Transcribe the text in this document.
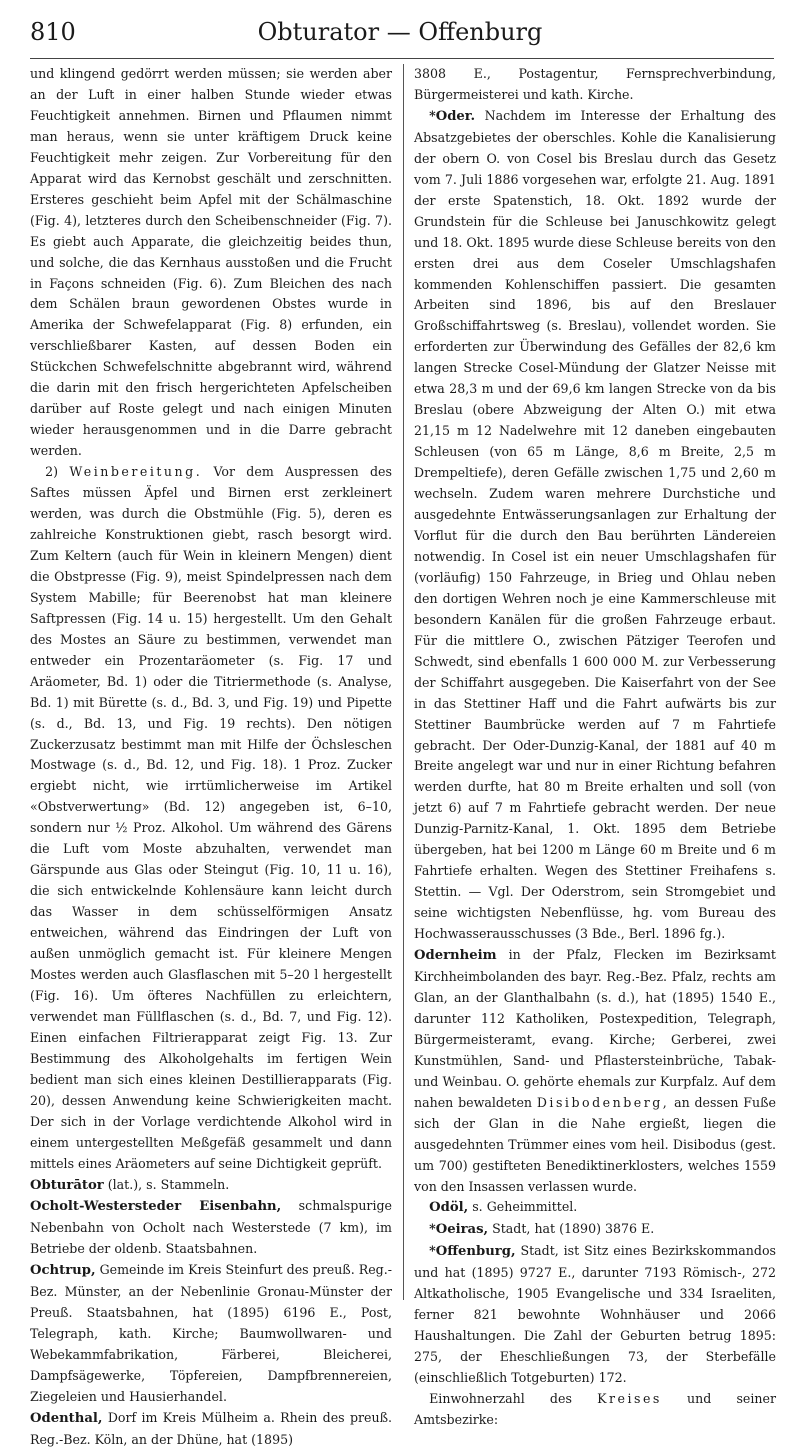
810	Obturator — Offenburg

und klingend gedörrt werden müssen; sie werden aber an der Luft in einer halben Stunde wieder etwas Feuchtigkeit annehmen. Birnen und Pflaumen nimmt man heraus, wenn sie unter kräftigem Druck keine Feuchtigkeit mehr zeigen. Zur Vorbereitung für den Apparat wird das Kernobst geschält und zerschnitten. Ersteres geschieht beim Apfel mit der Schälmaschine (Fig. 4), letzteres durch den Scheibenschneider (Fig. 7). Es giebt auch Apparate, die gleichzeitig beides thun, und solche, die das Kernhaus ausstoßen und die Frucht in Façons schneiden (Fig. 6). Zum Bleichen des nach dem Schälen braun gewordenen Obstes wurde in Amerika der Schwefelapparat (Fig. 8) erfunden, ein verschließbarer Kasten, auf dessen Boden ein Stückchen Schwefelschnitte abgebrannt wird, während die darin mit den frisch hergerichteten Apfelscheiben darüber auf Roste gelegt und nach einigen Minuten wieder herausgenommen und in die Darre gebracht werden.

2) Weinbereitung. Vor dem Auspressen des Saftes müssen Äpfel und Birnen erst zerkleinert werden, was durch die Obstmühle (Fig. 5), deren es zahlreiche Konstruktionen giebt, rasch besorgt wird. Zum Keltern (auch für Wein in kleinern Mengen) dient die Obstpresse (Fig. 9), meist Spindelpressen nach dem System Mabille; für Beerenobst hat man kleinere Saftpressen (Fig. 14 u. 15) hergestellt. Um den Gehalt des Mostes an Säure zu bestimmen, verwendet man entweder ein Prozentaräometer (s. Fig. 17 und Aräometer, Bd. 1) oder die Titriermethode (s. Analyse, Bd. 1) mit Bürette (s. d., Bd. 3, und Fig. 19) und Pipette (s. d., Bd. 13, und Fig. 19 rechts). Den nötigen Zuckerzusatz bestimmt man mit Hilfe der Öchsleschen Mostwage (s. d., Bd. 12, und Fig. 18). 1 Proz. Zucker ergiebt nicht, wie irrtümlicherweise im Artikel «Obstverwertung» (Bd. 12) angegeben ist, 6–10, sondern nur ½ Proz. Alkohol. Um während des Gärens die Luft vom Moste abzuhalten, verwendet man Gärspunde aus Glas oder Steingut (Fig. 10, 11 u. 16), die sich entwickelnde Kohlensäure kann leicht durch das Wasser in dem schüsselförmigen Ansatz entweichen, während das Eindringen der Luft von außen unmöglich gemacht ist. Für kleinere Mengen Mostes werden auch Glasflaschen mit 5–20 l hergestellt (Fig. 16). Um öfteres Nachfüllen zu erleichtern, verwendet man Füllflaschen (s. d., Bd. 7, und Fig. 12). Einen einfachen Filtrierapparat zeigt Fig. 13. Zur Bestimmung des Alkoholgehalts im fertigen Wein bedient man sich eines kleinen Destillierapparats (Fig. 20), dessen Anwendung keine Schwierigkeiten macht. Der sich in der Vorlage verdichtende Alkohol wird in einem untergestellten Meßgefäß gesammelt und dann mittels eines Aräometers auf seine Dichtigkeit geprüft.

Obturātor (lat.), s. Stammeln.

Ocholt-Westersteder Eisenbahn, schmalspurige Nebenbahn von Ocholt nach Westerstede (7 km), im Betriebe der oldenb. Staatsbahnen.

Ochtrup, Gemeinde im Kreis Steinfurt des preuß. Reg.-Bez. Münster, an der Nebenlinie Gronau-Münster der Preuß. Staatsbahnen, hat (1895) 6196 E., Post, Telegraph, kath. Kirche; Baumwollwaren- und Webekammfabrikation, Färberei, Bleicherei, Dampfsägewerke, Töpfereien, Dampfbrennereien, Ziegeleien und Hausierhandel.

Odenthal, Dorf im Kreis Mülheim a. Rhein des preuß. Reg.-Bez. Köln, an der Dhüne, hat (1895)

3808 E., Postagentur, Fernsprechverbindung, Bürgermeisterei und kath. Kirche.

*Oder. Nachdem im Interesse der Erhaltung des Absatzgebietes der oberschles. Kohle die Kanalisierung der obern O. von Cosel bis Breslau durch das Gesetz vom 7. Juli 1886 vorgesehen war, erfolgte 21. Aug. 1891 der erste Spatenstich, 18. Okt. 1892 wurde der Grundstein für die Schleuse bei Januschkowitz gelegt und 18. Okt. 1895 wurde diese Schleuse bereits von den ersten drei aus dem Coseler Umschlagshafen kommenden Kohlenschiffen passiert. Die gesamten Arbeiten sind 1896, bis auf den Breslauer Großschiffahrtsweg (s. Breslau), vollendet worden. Sie erforderten zur Überwindung des Gefälles der 82,6 km langen Strecke Cosel-Mündung der Glatzer Neisse mit etwa 28,3 m und der 69,6 km langen Strecke von da bis Breslau (obere Abzweigung der Alten O.) mit etwa 21,15 m 12 Nadelwehre mit 12 daneben eingebauten Schleusen (von 65 m Länge, 8,6 m Breite, 2,5 m Drempeltiefe), deren Gefälle zwischen 1,75 und 2,60 m wechseln. Zudem waren mehrere Durchstiche und ausgedehnte Entwässerungsanlagen zur Erhaltung der Vorflut für die durch den Bau berührten Ländereien notwendig. In Cosel ist ein neuer Umschlagshafen für (vorläufig) 150 Fahrzeuge, in Brieg und Ohlau neben den dortigen Wehren noch je eine Kammerschleuse mit besondern Kanälen für die großen Fahrzeuge erbaut. Für die mittlere O., zwischen Pätziger Teerofen und Schwedt, sind ebenfalls 1 600 000 M. zur Verbesserung der Schiffahrt ausgegeben. Die Kaiserfahrt von der See in das Stettiner Haff und die Fahrt aufwärts bis zur Stettiner Baumbrücke werden auf 7 m Fahrtiefe gebracht. Der Oder-Dunzig-Kanal, der 1881 auf 40 m Breite angelegt war und nur in einer Richtung befahren werden durfte, hat 80 m Breite erhalten und soll (von jetzt 6) auf 7 m Fahrtiefe gebracht werden. Der neue Dunzig-Parnitz-Kanal, 1. Okt. 1895 dem Betriebe übergeben, hat bei 1200 m Länge 60 m Breite und 6 m Fahrtiefe erhalten. Wegen des Stettiner Freihafens s. Stettin. — Vgl. Der Oderstrom, sein Stromgebiet und seine wichtigsten Nebenflüsse, hg. vom Bureau des Hochwasserausschusses (3 Bde., Berl. 1896 fg.).

Odernheim in der Pfalz, Flecken im Bezirksamt Kirchheimbolanden des bayr. Reg.-Bez. Pfalz, rechts am Glan, an der Glanthalbahn (s. d.), hat (1895) 1540 E., darunter 112 Katholiken, Postexpedition, Telegraph, Bürgermeisteramt, evang. Kirche; Gerberei, zwei Kunstmühlen, Sand- und Pflastersteinbrüche, Tabak- und Weinbau. O. gehörte ehemals zur Kurpfalz. Auf dem nahen bewaldeten Disibodenberg, an dessen Fuße sich der Glan in die Nahe ergießt, liegen die ausgedehnten Trümmer eines vom heil. Disibodus (gest. um 700) gestifteten Benediktinerklosters, welches 1559 von den Insassen verlassen wurde.

Odöl, s. Geheimmittel.

*Oeiras, Stadt, hat (1890) 3876 E.

*Offenburg, Stadt, ist Sitz eines Bezirkskommandos und hat (1895) 9727 E., darunter 7193 Römisch-, 272 Altkatholische, 1905 Evangelische und 334 Israeliten, ferner 821 bewohnte Wohnhäuser und 2066 Haushaltungen. Die Zahl der Geburten betrug 1895: 275, der Eheschließungen 73, der Sterbefälle (einschließlich Totgeburten) 172.

Einwohnerzahl des Kreises und seiner Amtsbezirke:
